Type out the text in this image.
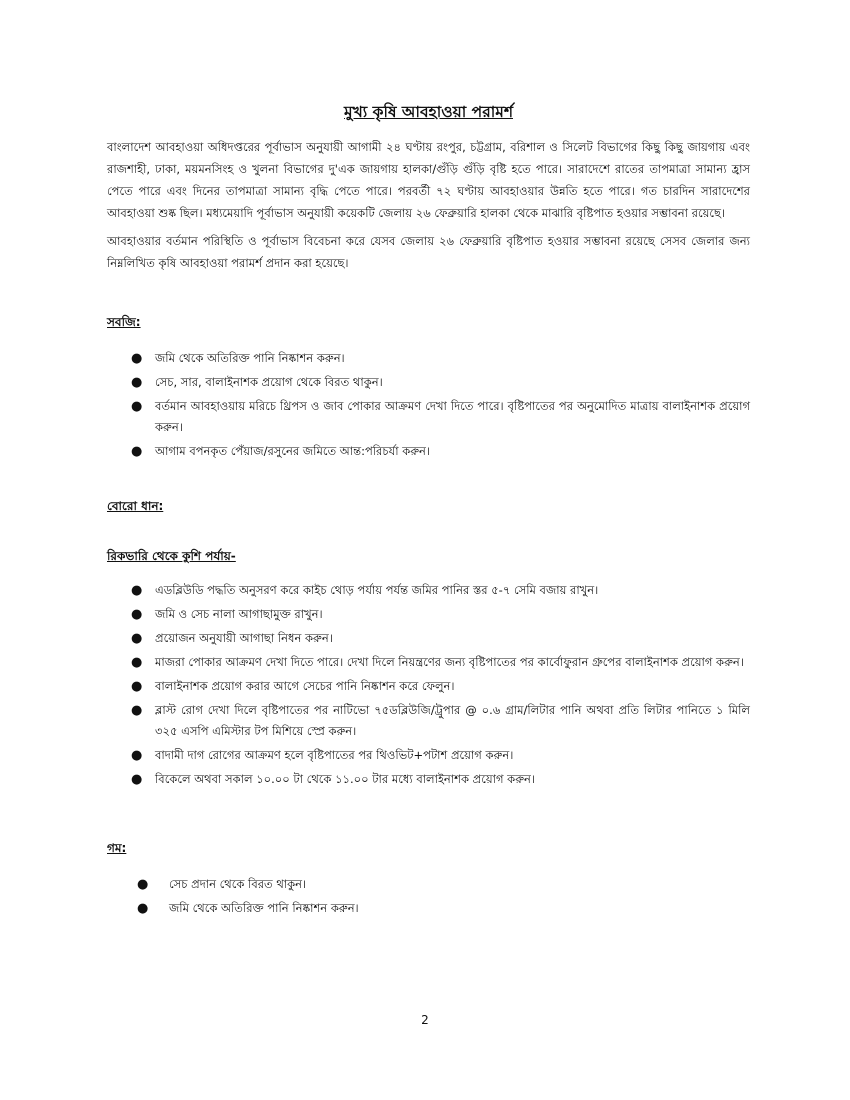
মুখ্য কৃষি আবহাওয়া পরামর্শ

বাংলাদেশ আবহাওয়া অধিদপ্তরের পূর্বাভাস অনুযায়ী আগামী ২৪ ঘণ্টায় রংপুর, চট্টগ্রাম, বরিশাল ও সিলেট বিভাগের কিছু কিছু জায়গায় এবং রাজশাহী, ঢাকা, ময়মনসিংহ ও খুলনা বিভাগের দু'এক জায়গায় হালকা/গুঁড়ি গুঁড়ি বৃষ্টি হতে পারে। সারাদেশে রাতের তাপমাত্রা সামান্য হ্রাস পেতে পারে এবং দিনের তাপমাত্রা সামান্য বৃদ্ধি পেতে পারে। পরবর্তী ৭২ ঘণ্টায় আবহাওয়ার উন্নতি হতে পারে। গত চারদিন সারাদেশের আবহাওয়া শুষ্ক ছিল। মধ্যমেয়াদি পূর্বাভাস অনুযায়ী কয়েকটি জেলায় ২৬ ফেব্রুয়ারি হালকা থেকে মাঝারি বৃষ্টিপাত হওয়ার সম্ভাবনা রয়েছে।

আবহাওয়ার বর্তমান পরিস্থিতি ও পূর্বাভাস বিবেচনা করে যেসব জেলায় ২৬ ফেব্রুয়ারি বৃষ্টিপাত হওয়ার সম্ভাবনা রয়েছে সেসব জেলার জন্য নিম্নলিখিত কৃষি আবহাওয়া পরামর্শ প্রদান করা হয়েছে।

সবজি:
● জমি থেকে অতিরিক্ত পানি নিষ্কাশন করুন।
● সেচ, সার, বালাইনাশক প্রয়োগ থেকে বিরত থাকুন।
● বর্তমান আবহাওয়ায় মরিচে থ্রিপস ও জাব পোকার আক্রমণ দেখা দিতে পারে। বৃষ্টিপাতের পর অনুমোদিত মাত্রায় বালাইনাশক প্রয়োগ করুন।
● আগাম বপনকৃত পেঁয়াজ/রসুনের জমিতে আন্ত:পরিচর্যা করুন।
বোরো ধান:
রিকভারি থেকে কুশি পর্যায়-
● এডব্লিউডি পদ্ধতি অনুসরণ করে কাইচ থোড় পর্যায় পর্যন্ত জমির পানির স্তর ৫-৭ সেমি বজায় রাখুন।
● জমি ও সেচ নালা আগাছামুক্ত রাখুন।
● প্রয়োজন অনুযায়ী আগাছা নিধন করুন।
● মাজরা পোকার আক্রমণ দেখা দিতে পারে। দেখা দিলে নিয়ন্ত্রণের জন্য বৃষ্টিপাতের পর কার্বোফুরান গ্রুপের বালাইনাশক প্রয়োগ করুন।
● বালাইনাশক প্রয়োগ করার আগে সেচের পানি নিষ্কাশন করে ফেলুন।
● ব্লাস্ট রোগ দেখা দিলে বৃষ্টিপাতের পর নাটিভো ৭৫ডব্লিউজি/ট্রুপার @ ০.৬ গ্রাম/লিটার পানি অথবা প্রতি লিটার পানিতে ১ মিলি ৩২৫ এসপি এমিস্টার টপ মিশিয়ে স্প্রে করুন।
● বাদামী দাগ রোগের আক্রমণ হলে বৃষ্টিপাতের পর থিওভিট+পটাশ প্রয়োগ করুন।
● বিকেলে অথবা সকাল ১০.০০ টা থেকে ১১.০০ টার মধ্যে বালাইনাশক প্রয়োগ করুন।
গম:
● সেচ প্রদান থেকে বিরত থাকুন।
● জমি থেকে অতিরিক্ত পানি নিষ্কাশন করুন।
2
